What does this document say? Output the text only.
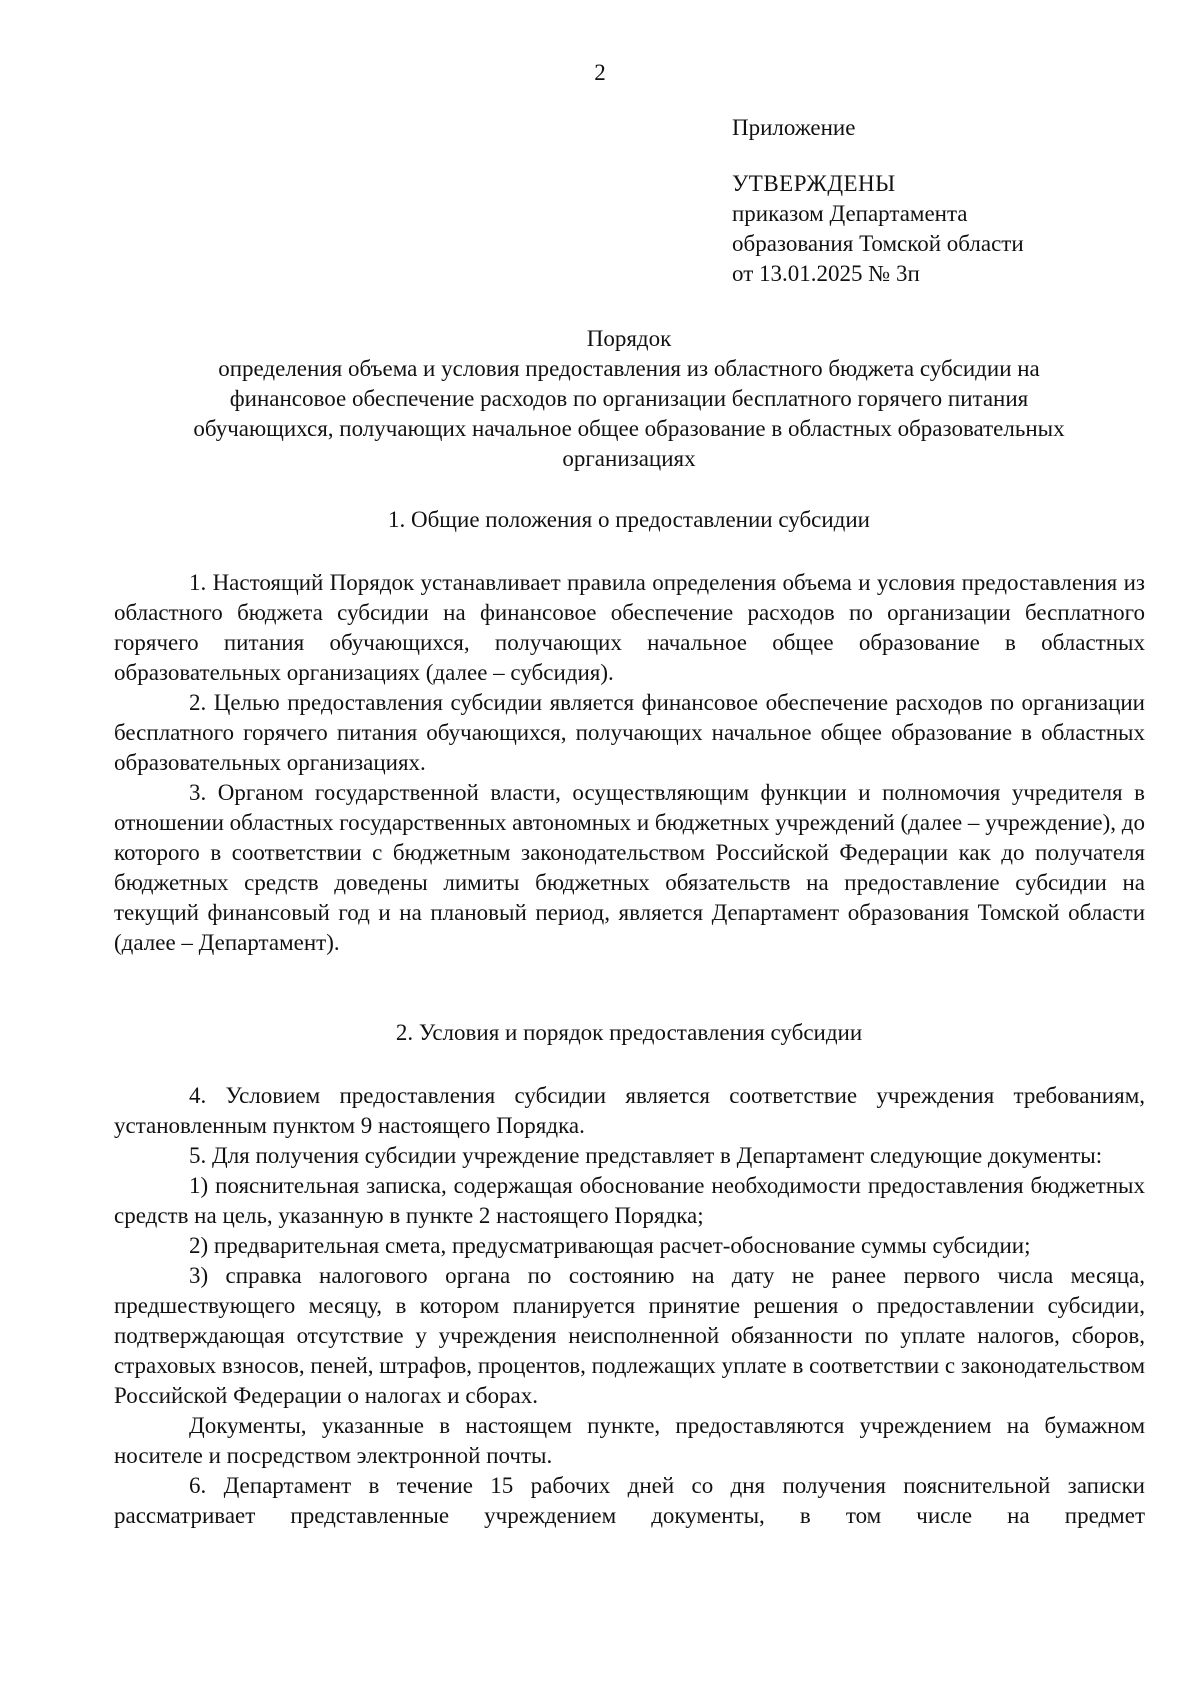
2
Приложение
УТВЕРЖДЕНЫ
приказом Департамента
образования Томской области
от 13.01.2025 № 3п
Порядок
определения объема и условия предоставления из областного бюджета субсидии на
финансовое обеспечение расходов по организации бесплатного горячего питания
обучающихся, получающих начальное общее образование в областных образовательных
организациях
1. Общие положения о предоставлении субсидии

1. Настоящий Порядок устанавливает правила определения объема и условия предоставления из областного бюджета субсидии на финансовое обеспечение расходов по организации бесплатного горячего питания обучающихся, получающих начальное общее образование в областных образовательных организациях (далее – субсидия).

2. Целью предоставления субсидии является финансовое обеспечение расходов по организации бесплатного горячего питания обучающихся, получающих начальное общее образование в областных образовательных организациях.

3. Органом государственной власти, осуществляющим функции и полномочия учредителя в отношении областных государственных автономных и бюджетных учреждений (далее – учреждение), до которого в соответствии с бюджетным законодательством Российской Федерации как до получателя бюджетных средств доведены лимиты бюджетных обязательств на предоставление субсидии на текущий финансовый год и на плановый период, является Департамент образования Томской области (далее – Департамент).

2. Условия и порядок предоставления субсидии

4. Условием предоставления субсидии является соответствие учреждения требованиям, установленным пунктом 9 настоящего Порядка.

5. Для получения субсидии учреждение представляет в Департамент следующие документы:

1) пояснительная записка, содержащая обоснование необходимости предоставления бюджетных средств на цель, указанную в пункте 2 настоящего Порядка;

2) предварительная смета, предусматривающая расчет-обоснование суммы субсидии;

3) справка налогового органа по состоянию на дату не ранее первого числа месяца, предшествующего месяцу, в котором планируется принятие решения о предоставлении субсидии, подтверждающая отсутствие у учреждения неисполненной обязанности по уплате налогов, сборов, страховых взносов, пеней, штрафов, процентов, подлежащих уплате в соответствии с законодательством Российской Федерации о налогах и сборах.

Документы, указанные в настоящем пункте, предоставляются учреждением на бумажном носителе и посредством электронной почты.

6. Департамент в течение 15 рабочих дней со дня получения пояснительной записки рассматривает представленные учреждением документы, в том числе на предмет
